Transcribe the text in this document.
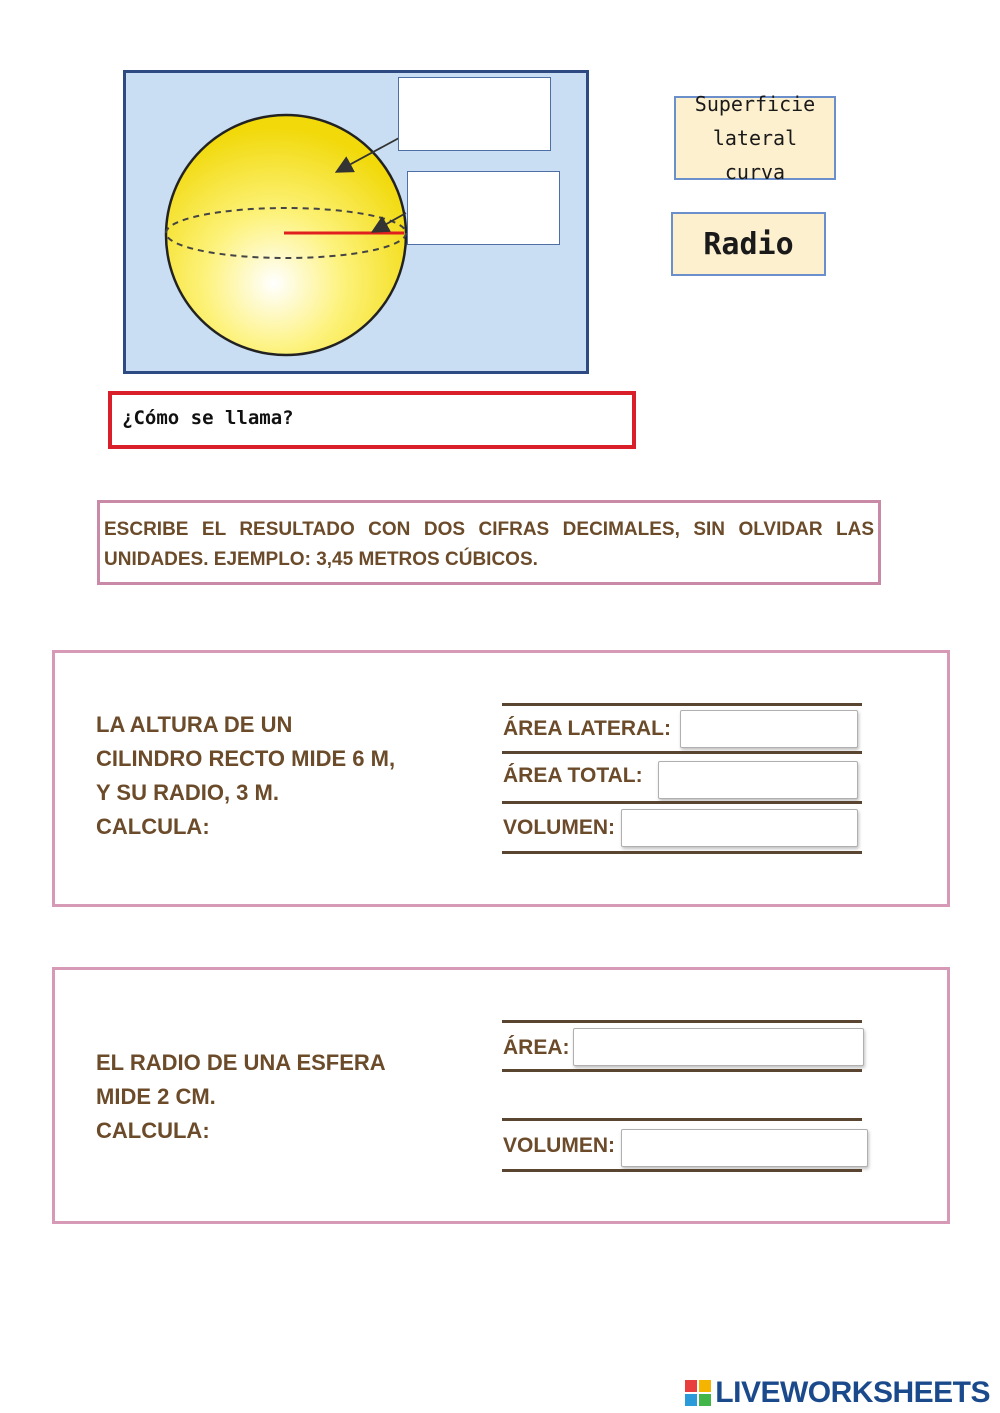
Superficie lateral curva
Radio
¿Cómo se llama?
ESCRIBE EL RESULTADO CON DOS CIFRAS DECIMALES, SIN OLVIDAR LAS UNIDADES. EJEMPLO: 3,45 METROS CÚBICOS.
LA ALTURA DE UN
CILINDRO RECTO MIDE 6 M,
Y SU RADIO, 3 M.
CALCULA:
ÁREA LATERAL:
ÁREA TOTAL:
VOLUMEN:
EL RADIO DE UNA ESFERA
MIDE 2 CM.
CALCULA:
ÁREA:
VOLUMEN:
LIVEWORKSHEETS
